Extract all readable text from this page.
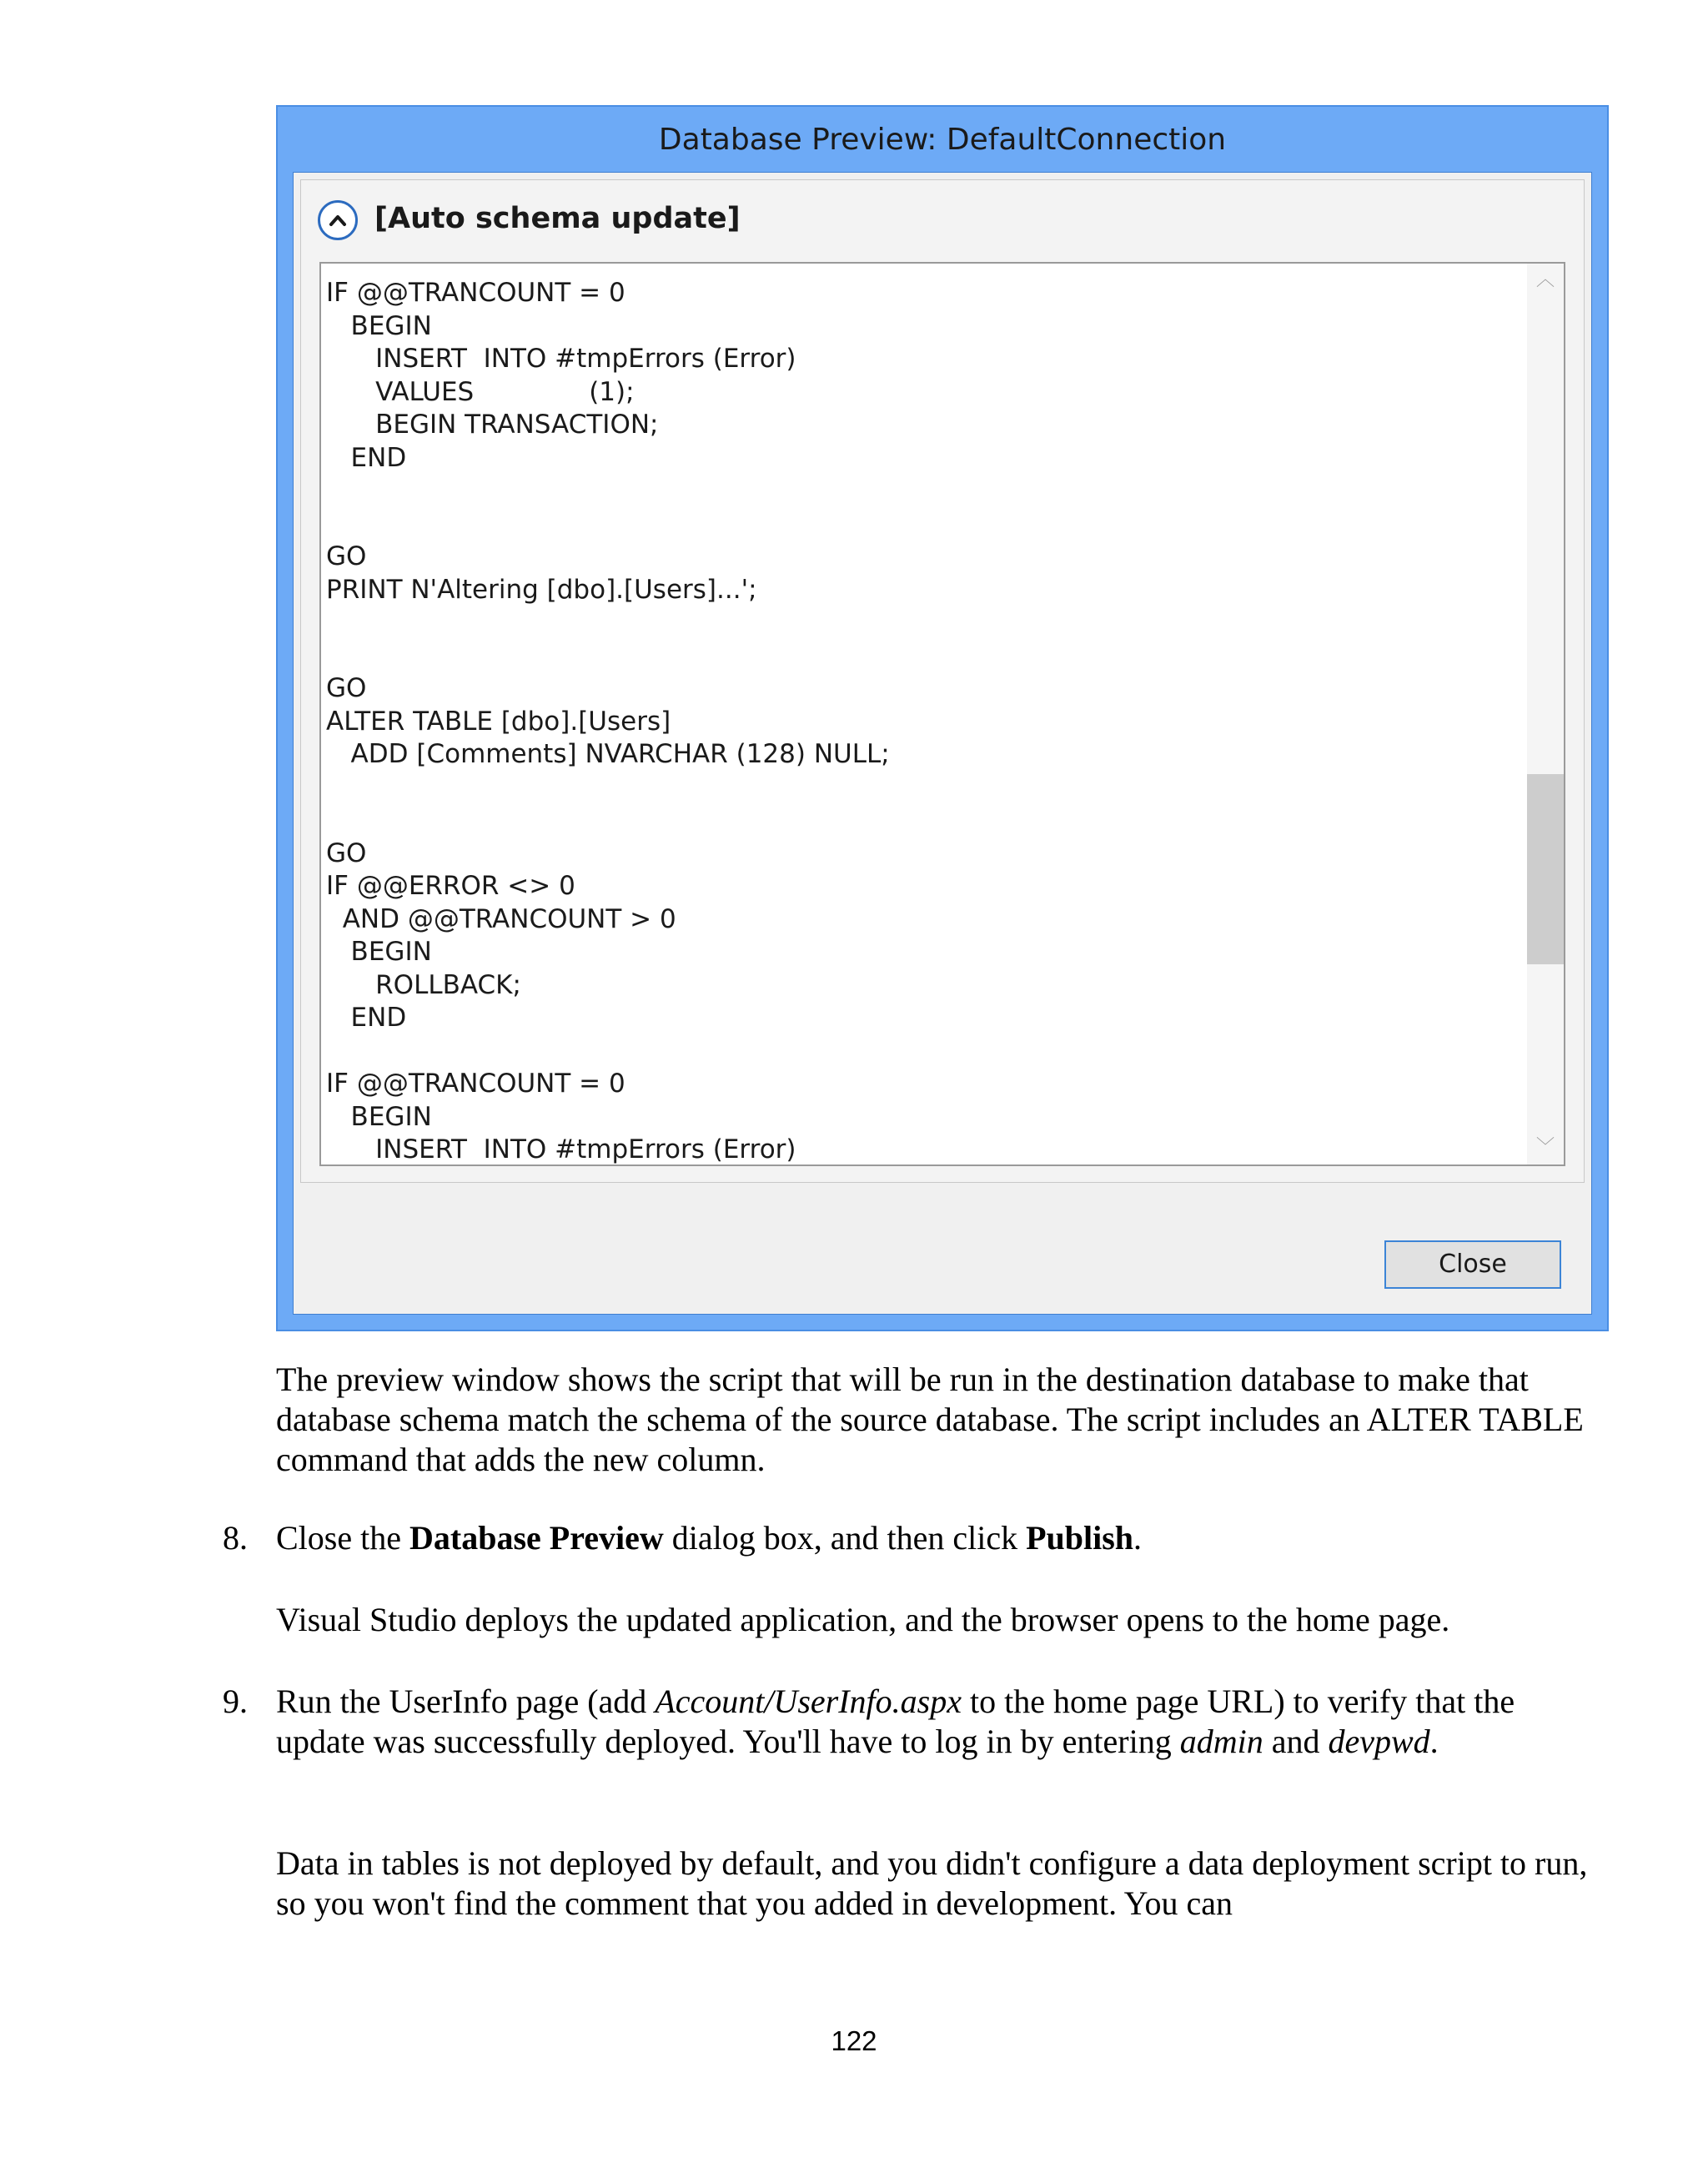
Database Preview: DefaultConnection
[Auto schema update]
IF @@TRANCOUNT = 0
BEGIN
INSERT  INTO #tmpErrors (Error)
VALUES              (1);
BEGIN TRANSACTION;
END

GO
PRINT N'Altering [dbo].[Users]...';

GO
ALTER TABLE [dbo].[Users]
ADD [Comments] NVARCHAR (128) NULL;

GO
IF @@ERROR <> 0
AND @@TRANCOUNT > 0
BEGIN
ROLLBACK;
END

IF @@TRANCOUNT = 0
BEGIN
INSERT  INTO #tmpErrors (Error)
︿
﹀
Close

The preview window shows the script that will be run in the destination database to make that database schema match the schema of the source database. The script includes an ALTER TABLE command that adds the new column.

8. Close the Database Preview dialog box, and then click Publish.

Visual Studio deploys the updated application, and the browser opens to the home page.

9. Run the UserInfo page (add Account/UserInfo.aspx to the home page URL) to verify that the update was successfully deployed. You'll have to log in by entering admin and devpwd.

Data in tables is not deployed by default, and you didn't configure a data deployment script to run, so you won't find the comment that you added in development. You can

122
